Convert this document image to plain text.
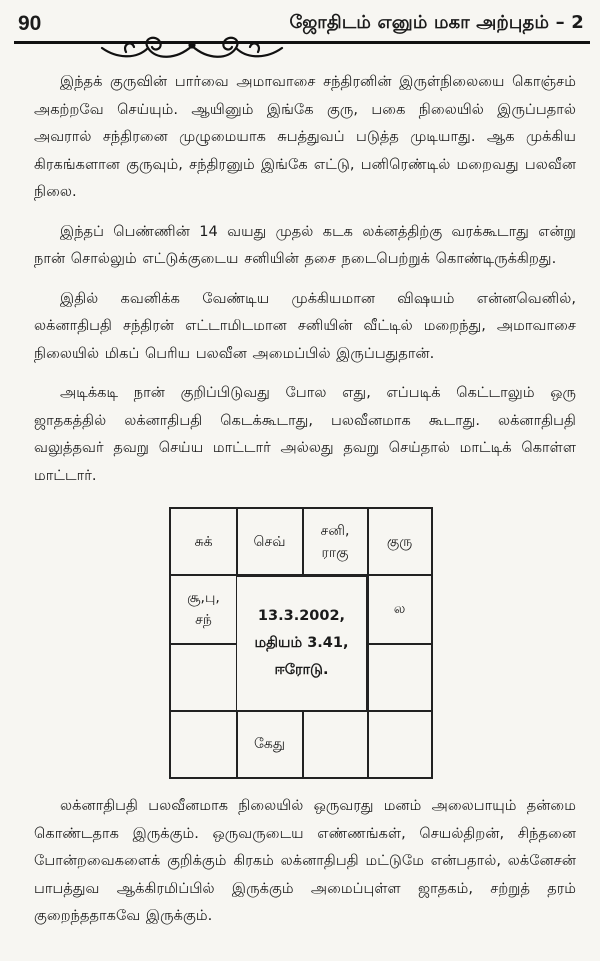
90	ஜோதிடம் எனும் மகா அற்புதம் – 2

இந்தக் குருவின் பார்வை அமாவாசை சந்திரனின் இருள்நிலையை கொஞ்சம் அகற்றவே செய்யும். ஆயினும் இங்கே குரு, பகை நிலையில் இருப்பதால் அவரால் சந்திரனை முழுமையாக சுபத்துவப் படுத்த முடியாது. ஆக முக்கிய கிரகங்களான குருவும், சந்திரனும் இங்கே எட்டு, பனிரெண்டில் மறைவது பலவீன நிலை.

இந்தப் பெண்ணின் 14 வயது முதல் கடக லக்னத்திற்கு வரக்கூடாது என்று நான் சொல்லும் எட்டுக்குடைய சனியின் தசை நடைபெற்றுக் கொண்டிருக்கிறது.

இதில் கவனிக்க வேண்டிய முக்கியமான விஷயம் என்னவெனில், லக்னாதிபதி சந்திரன் எட்டாமிடமான சனியின் வீட்டில் மறைந்து, அமாவாசை நிலையில் மிகப் பெரிய பலவீன அமைப்பில் இருப்பதுதான்.

அடிக்கடி நான் குறிப்பிடுவது போல எது, எப்படிக் கெட்டாலும் ஒரு ஜாதகத்தில் லக்னாதிபதி கெடக்கூடாது, பலவீனமாக கூடாது. லக்னாதிபதி வலுத்தவர் தவறு செய்ய மாட்டார் அல்லது தவறு செய்தால் மாட்டிக் கொள்ள மாட்டார்.

சுக்	செவ்
சனி,
ராகு
குரு
சூ,பு,
சந்
ல
கேது
13.3.2002,
மதியம் 3.41,
ஈரோடு.

லக்னாதிபதி பலவீனமாக நிலையில் ஒருவரது மனம் அலைபாயும் தன்மை கொண்டதாக இருக்கும். ஒருவருடைய எண்ணங்கள், செயல்திறன், சிந்தனை போன்றவைகளைக் குறிக்கும் கிரகம் லக்னாதிபதி மட்டுமே என்பதால், லக்னேசன் பாபத்துவ ஆக்கிரமிப்பில் இருக்கும் அமைப்புள்ள ஜாதகம், சற்றுத் தரம் குறைந்ததாகவே இருக்கும்.
